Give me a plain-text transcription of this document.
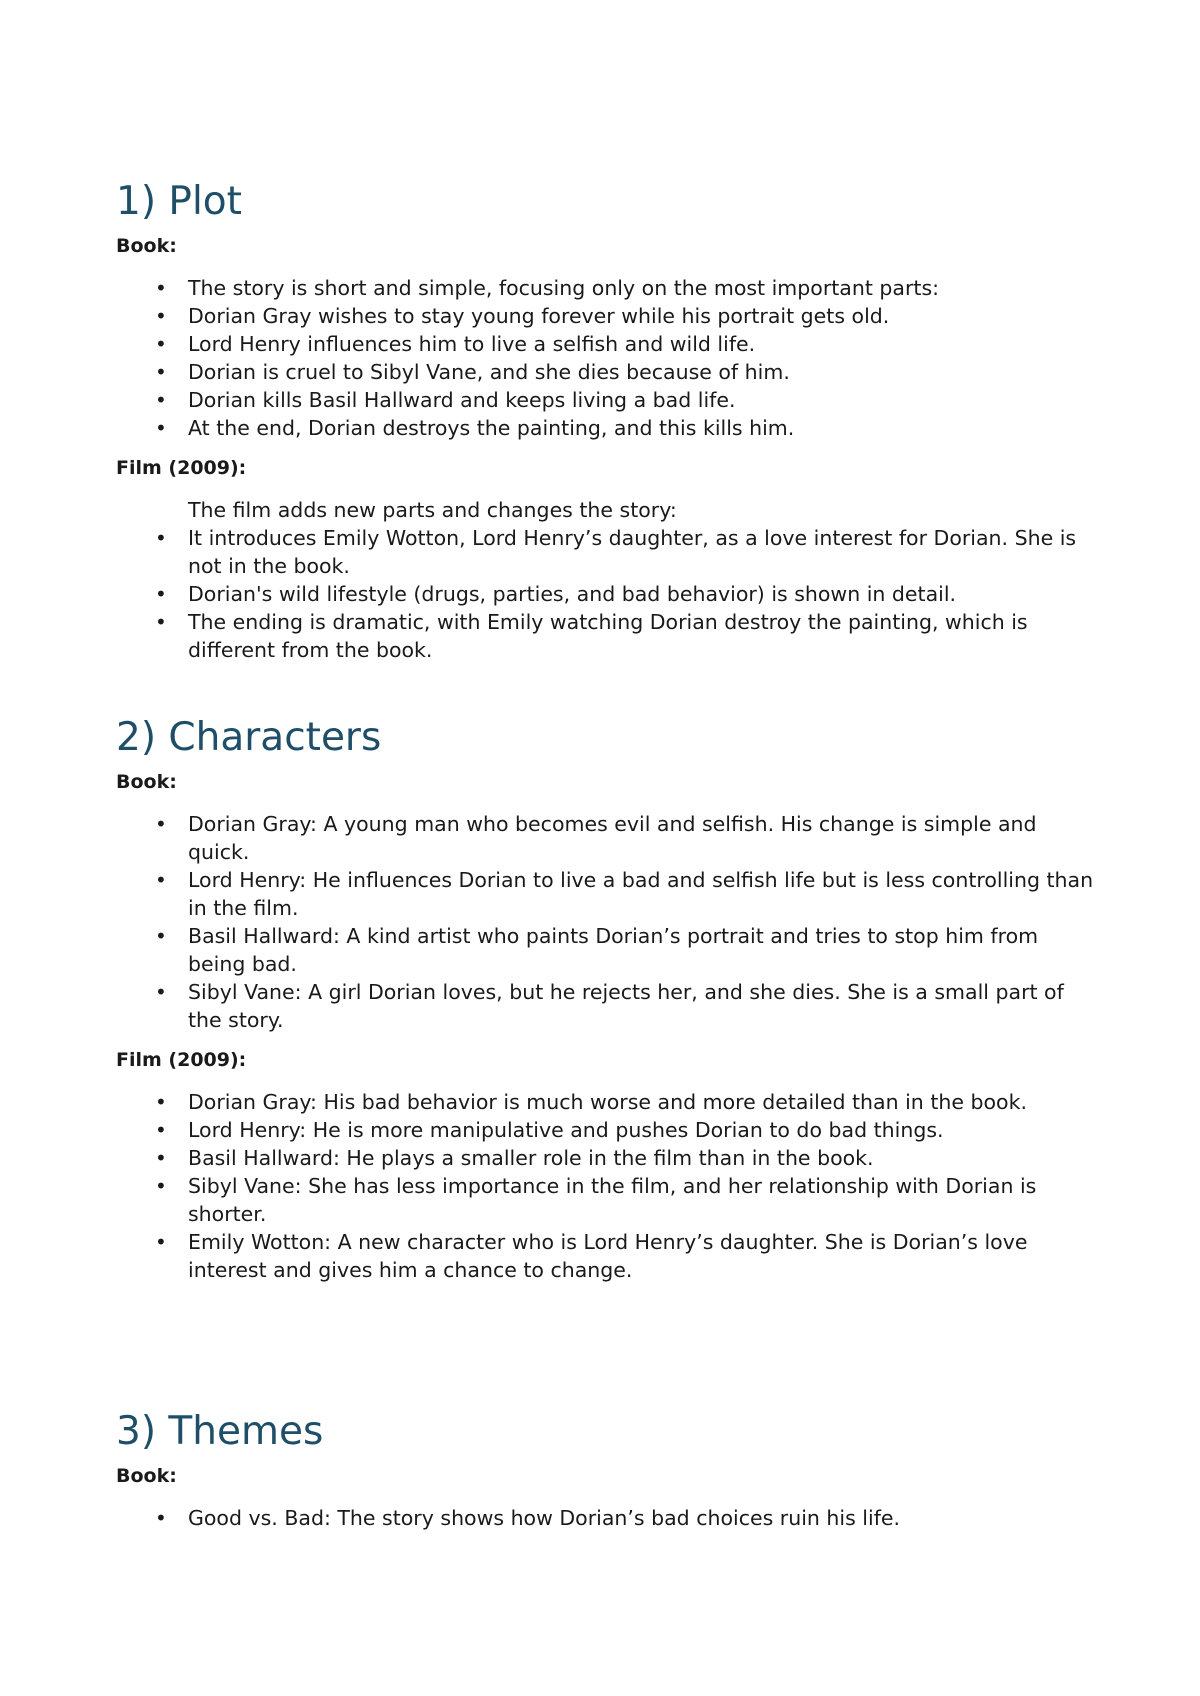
1) Plot
Book:
• The story is short and simple, focusing only on the most important parts:
• Dorian Gray wishes to stay young forever while his portrait gets old.
• Lord Henry influences him to live a selfish and wild life.
• Dorian is cruel to Sibyl Vane, and she dies because of him.
• Dorian kills Basil Hallward and keeps living a bad life.
• At the end, Dorian destroys the painting, and this kills him.
Film (2009):
The film adds new parts and changes the story:
• It introduces Emily Wotton, Lord Henry’s daughter, as a love interest for Dorian. She is not in the book.
• Dorian's wild lifestyle (drugs, parties, and bad behavior) is shown in detail.
• The ending is dramatic, with Emily watching Dorian destroy the painting, which is different from the book.
2) Characters
Book:
• Dorian Gray: A young man who becomes evil and selfish. His change is simple and quick.
• Lord Henry: He influences Dorian to live a bad and selfish life but is less controlling than in the film.
• Basil Hallward: A kind artist who paints Dorian’s portrait and tries to stop him from being bad.
• Sibyl Vane: A girl Dorian loves, but he rejects her, and she dies. She is a small part of the story.
Film (2009):
• Dorian Gray: His bad behavior is much worse and more detailed than in the book.
• Lord Henry: He is more manipulative and pushes Dorian to do bad things.
• Basil Hallward: He plays a smaller role in the film than in the book.
• Sibyl Vane: She has less importance in the film, and her relationship with Dorian is shorter.
• Emily Wotton: A new character who is Lord Henry’s daughter. She is Dorian’s love interest and gives him a chance to change.
3) Themes
Book:
• Good vs. Bad: The story shows how Dorian’s bad choices ruin his life.
